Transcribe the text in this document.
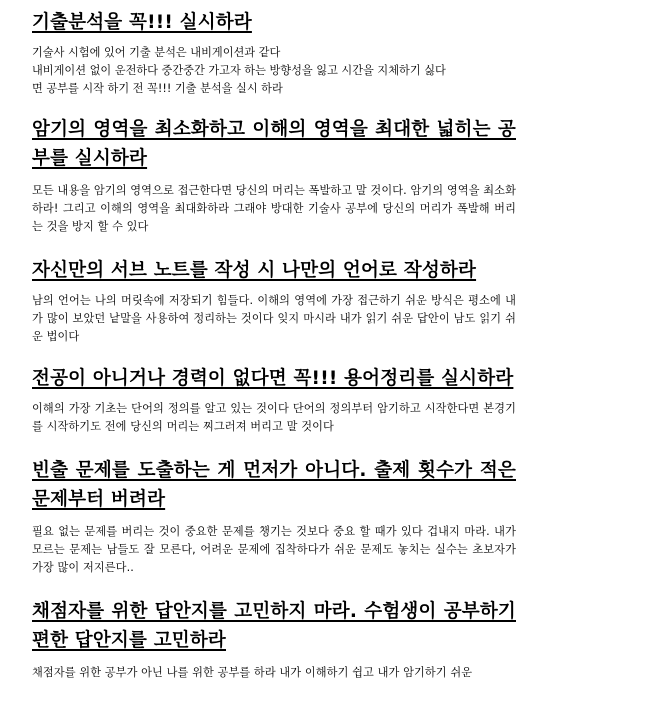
기출분석을 꼭!!! 실시하라
기술사 시험에 있어 기출 분석은 내비게이션과 같다
내비게이션 없이 운전하다 중간중간 가고자 하는 방향성을 잃고 시간을 지체하기 싫다
면 공부를 시작 하기 전 꼭!!! 기출 분석을 실시 하라
암기의 영역을 최소화하고 이해의 영역을 최대한 넓히는 공부를 실시하라

모든 내용을 암기의 영역으로 접근한다면 당신의 머리는 폭발하고 말 것이다. 암기의 영역을 최소화하라! 그리고 이해의 영역을 최대화하라 그래야 방대한 기술사 공부에 당신의 머리가 폭발해 버리는 것을 방지 할 수 있다

자신만의 서브 노트를 작성 시 나만의 언어로 작성하라

남의 언어는 나의 머릿속에 저장되기 힘들다. 이해의 영역에 가장 접근하기 쉬운 방식은 평소에 내가 많이 보았던 낱말을 사용하여 정리하는 것이다 잊지 마시라 내가 읽기 쉬운 답안이 남도 읽기 쉬운 법이다

전공이 아니거나 경력이 없다면 꼭!!! 용어정리를 실시하라

이해의 가장 기초는 단어의 정의를 알고 있는 것이다 단어의 정의부터 암기하고 시작한다면 본경기를 시작하기도 전에 당신의 머리는 찌그러져 버리고 말 것이다

빈출 문제를 도출하는 게 먼저가 아니다. 출제 횟수가 적은 문제부터 버려라

필요 없는 문제를 버리는 것이 중요한 문제를 챙기는 것보다 중요 할 때가 있다 겁내지 마라. 내가 모르는 문제는 남들도 잘 모른다, 어려운 문제에 집착하다가 쉬운 문제도 놓치는 실수는 초보자가 가장 많이 저지른다..

채점자를 위한 답안지를 고민하지 마라. 수험생이 공부하기 편한 답안지를 고민하라

채점자를 위한 공부가 아닌 나를 위한 공부를 하라 내가 이해하기 쉽고 내가 암기하기 쉬운
